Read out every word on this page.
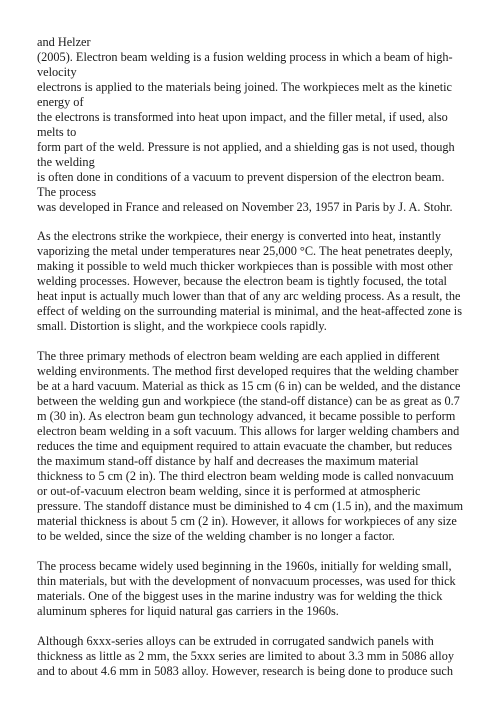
and Helzer
(2005). Electron beam welding is a fusion welding process in which a beam of high-
velocity
electrons is applied to the materials being joined. The workpieces melt as the kinetic
energy of
the electrons is transformed into heat upon impact, and the filler metal, if used, also
melts to
form part of the weld. Pressure is not applied, and a shielding gas is not used, though
the welding
is often done in conditions of a vacuum to prevent dispersion of the electron beam.
The process
was developed in France and released on November 23, 1957 in Paris by J. A. Stohr.

As the electrons strike the workpiece, their energy is converted into heat, instantly vaporizing the metal under temperatures near 25,000 °C. The heat penetrates deeply, making it possible to weld much thicker workpieces than is possible with most other welding processes. However, because the electron beam is tightly focused, the total heat input is actually much lower than that of any arc welding process. As a result, the effect of welding on the surrounding material is minimal, and the heat-affected zone is small. Distortion is slight, and the workpiece cools rapidly.

The three primary methods of electron beam welding are each applied in different welding environments. The method first developed requires that the welding chamber be at a hard vacuum. Material as thick as 15 cm (6 in) can be welded, and the distance between the welding gun and workpiece (the stand-off distance) can be as great as 0.7 m (30 in). As electron beam gun technology advanced, it became possible to perform electron beam welding in a soft vacuum. This allows for larger welding chambers and reduces the time and equipment required to attain evacuate the chamber, but reduces the maximum stand-off distance by half and decreases the maximum material thickness to 5 cm (2 in). The third electron beam welding mode is called nonvacuum or out-of-vacuum electron beam welding, since it is performed at atmospheric pressure. The standoff distance must be diminished to 4 cm (1.5 in), and the maximum material thickness is about 5 cm (2 in). However, it allows for workpieces of any size to be welded, since the size of the welding chamber is no longer a factor.

The process became widely used beginning in the 1960s, initially for welding small, thin materials, but with the development of nonvacuum processes, was used for thick materials. One of the biggest uses in the marine industry was for welding the thick aluminum spheres for liquid natural gas carriers in the 1960s.

Although 6xxx-series alloys can be extruded in corrugated sandwich panels with thickness as little as 2 mm, the 5xxx series are limited to about 3.3 mm in 5086 alloy and to about 4.6 mm in 5083 alloy. However, research is being done to produce such
